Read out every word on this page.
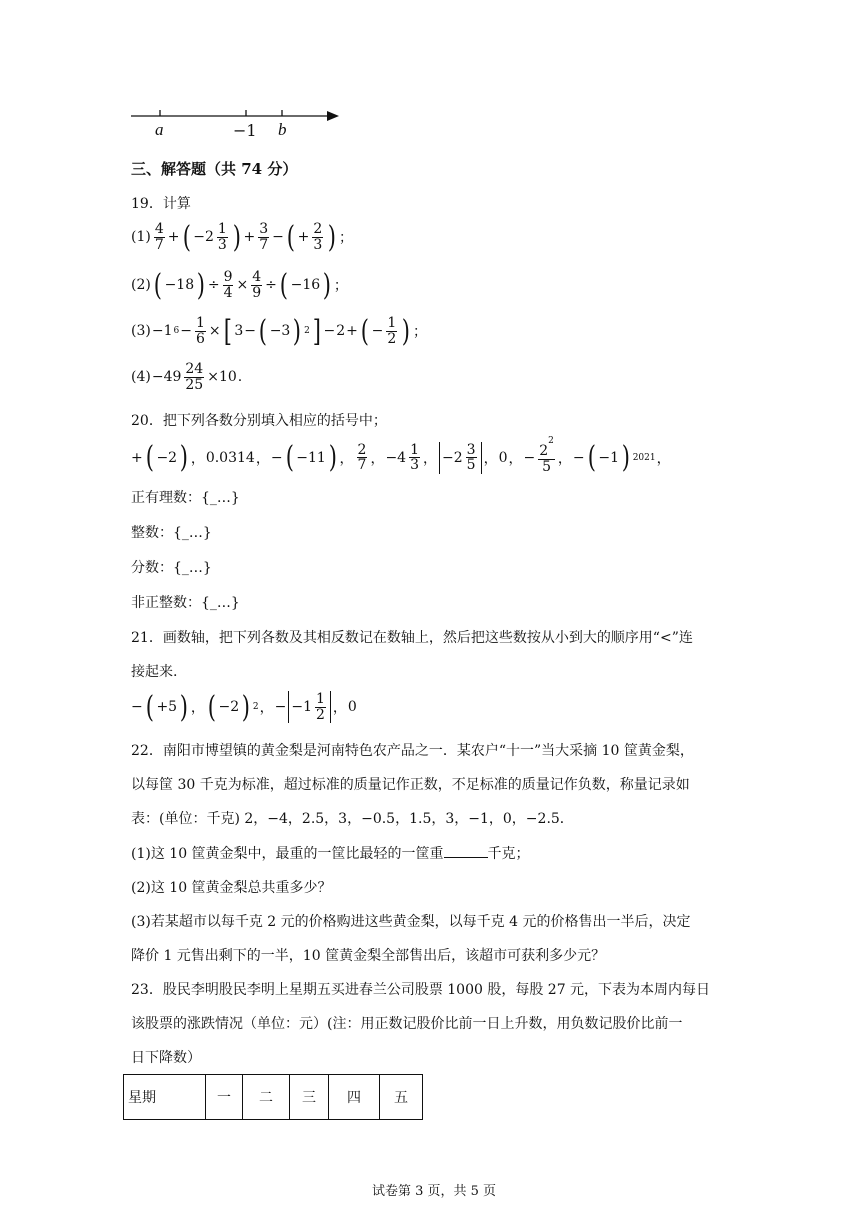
a	−1 b
三、解答题（共 74 分）
19．计算
$(1) \frac{4}{7}$ + ( $-2 \frac{1}{3}$ ) + $\frac{3}{7}$ − ( + $\frac{2}{3}$ ) ；
(2) ( −18 ) ÷ $\frac{9}{4} \times \frac{4}{9}$ ÷ ( −16 ) ；
(3) −1 $6 - \frac{1}{6}$ × [ 3 − ( −3 ) 2 ] − 2 + ( − $\frac{1}{2}$ ) ；
$(4) -49 \frac{24}{25} \times 10$ .
20．把下列各数分别填入相应的括号中；
+ ( −2 ) ， 0.0314 ， − ( −11 ) ， $\frac{2}{7}$ ， $-4 \frac{1}{3}$ ， $-2 \frac{3}{5}$ ， 0 ， − $\frac{2^2}{5}$ ， − ( −1 ) 2021 ，
正有理数：{_…}
整数：{_…}
分数：{_…}
非正整数：{_…}
21．画数轴，把下列各数及其相反数记在数轴上，然后把这些数按从小到大的顺序用“<”连
接起来.
− ( +5 ) ， ( −2 ) 2 ， − $-1 \frac{1}{2}$ ， 0
22．南阳市博望镇的黄金梨是河南特色农产品之一．某农户“十一”当大采摘 10 筐黄金梨，
以每筐 30 千克为标准，超过标准的质量记作正数，不足标准的质量记作负数，称量记录如
表：(单位：千克) 2，−4，2.5，3，−0.5，1.5，3，−1，0，−2.5．
(1)这 10 筐黄金梨中，最重的一筐比最轻的一筐重	千克；
(2)这 10 筐黄金梨总共重多少？
(3)若某超市以每千克 2 元的价格购进这些黄金梨，以每千克 4 元的价格售出一半后，决定
降价 1 元售出剩下的一半，10 筐黄金梨全部售出后，该超市可获利多少元？
23．股民李明股民李明上星期五买进春兰公司股票 1000 股，每股 27 元，下表为本周内每日
该股票的涨跌情况（单位：元）(注：用正数记股价比前一日上升数，用负数记股价比前一
日下降数）
星期	一	二	三	四	五
试卷第 3 页，共 5 页
